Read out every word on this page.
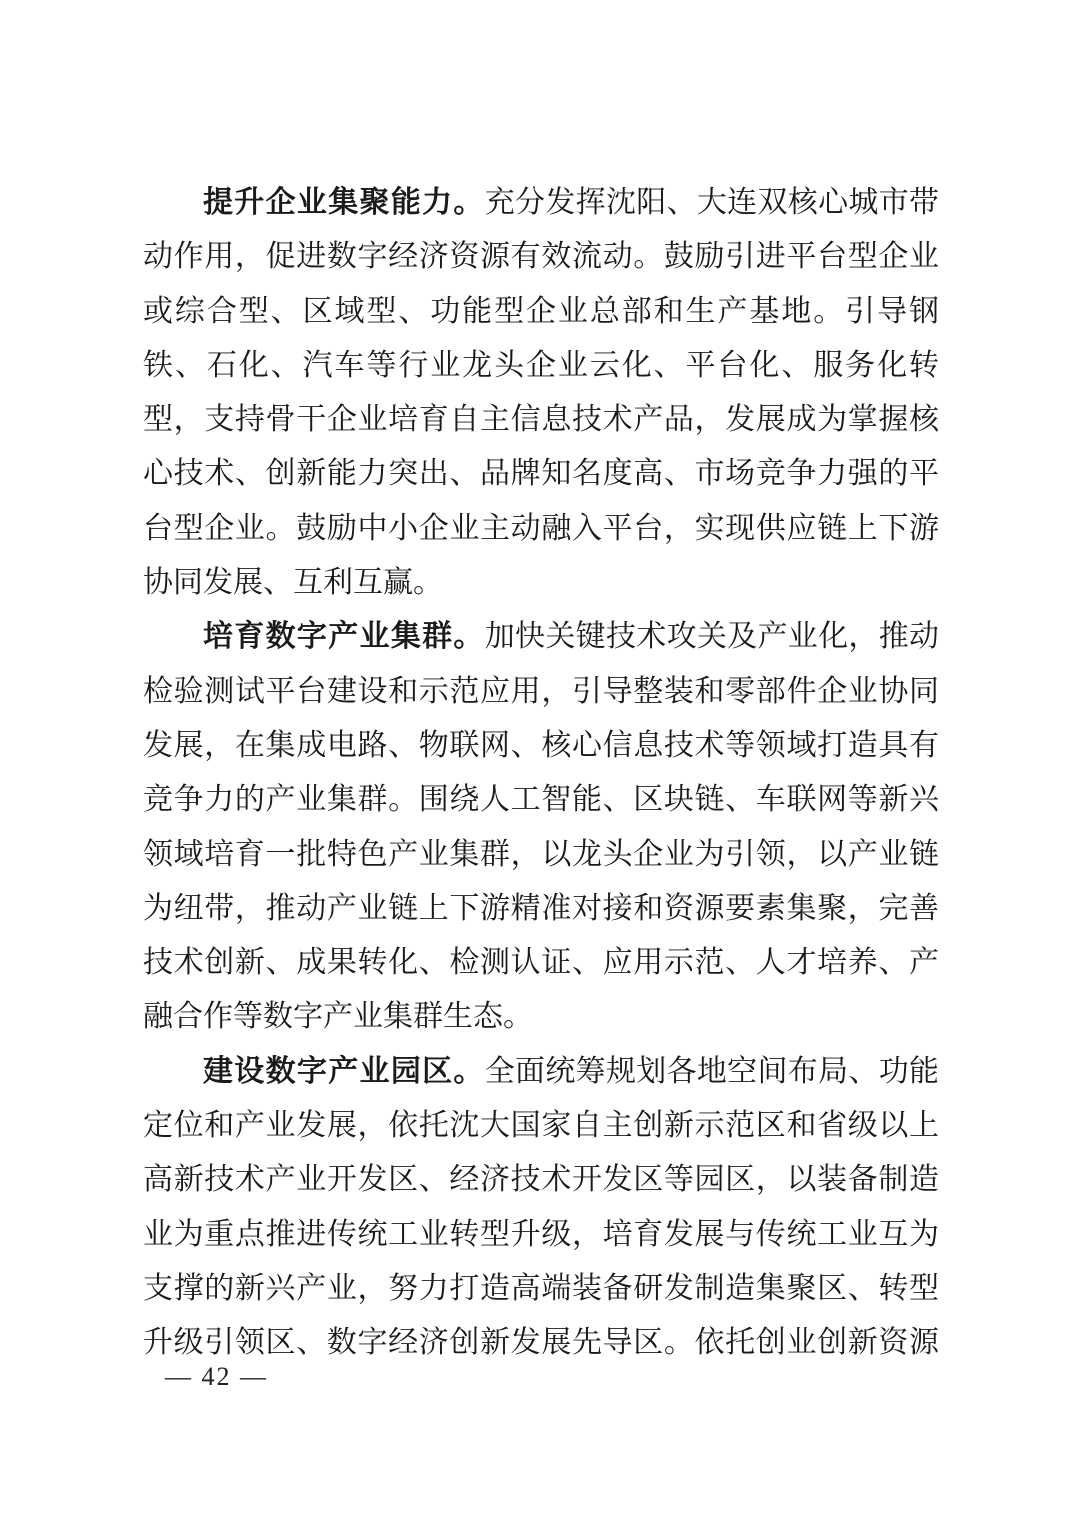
提升企业集聚能力。充分发挥沈阳、大连双核心城市带
动作用，促进数字经济资源有效流动。鼓励引进平台型企业
或综合型、区域型、功能型企业总部和生产基地。引导钢
铁、石化、汽车等行业龙头企业云化、平台化、服务化转
型，支持骨干企业培育自主信息技术产品，发展成为掌握核
心技术、创新能力突出、品牌知名度高、市场竞争力强的平
台型企业。鼓励中小企业主动融入平台，实现供应链上下游
协同发展、互利互赢。
培育数字产业集群。加快关键技术攻关及产业化，推动
检验测试平台建设和示范应用，引导整装和零部件企业协同
发展，在集成电路、物联网、核心信息技术等领域打造具有
竞争力的产业集群。围绕人工智能、区块链、车联网等新兴
领域培育一批特色产业集群，以龙头企业为引领，以产业链
为纽带，推动产业链上下游精准对接和资源要素集聚，完善
技术创新、成果转化、检测认证、应用示范、人才培养、产
融合作等数字产业集群生态。
建设数字产业园区。全面统筹规划各地空间布局、功能
定位和产业发展，依托沈大国家自主创新示范区和省级以上
高新技术产业开发区、经济技术开发区等园区，以装备制造
业为重点推进传统工业转型升级，培育发展与传统工业互为
支撑的新兴产业，努力打造高端装备研发制造集聚区、转型
升级引领区、数字经济创新发展先导区。依托创业创新资源
— 42 —
